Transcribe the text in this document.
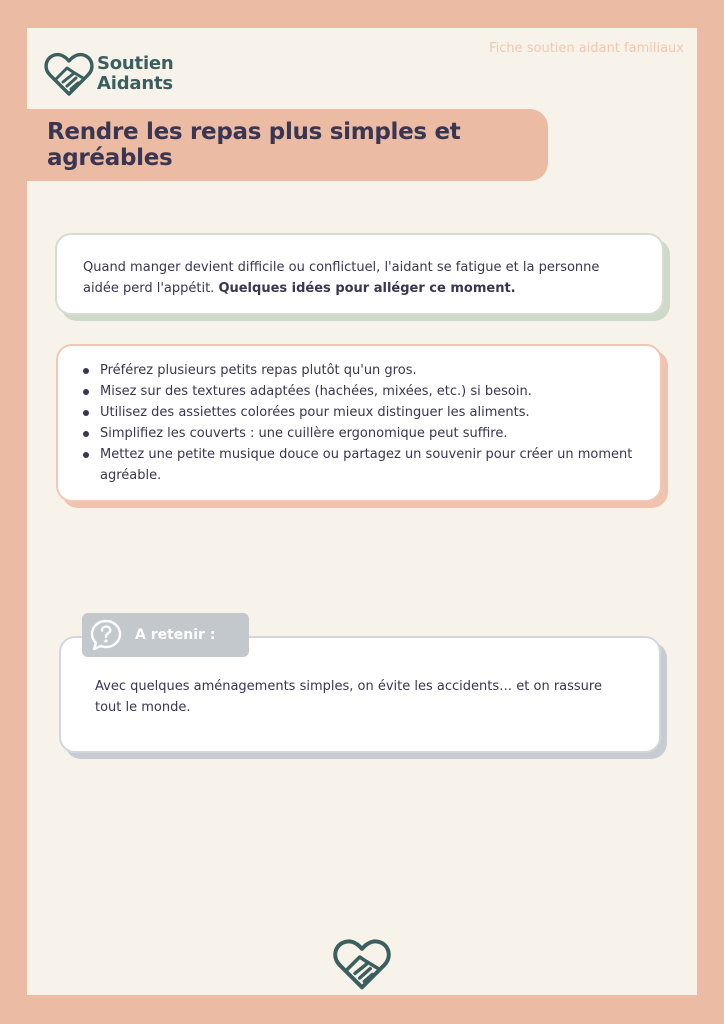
Soutien
Aidants
Fiche soutien aidant familiaux
Rendre les repas plus simples et agréables

Quand manger devient difficile ou conflictuel, l'aidant se fatigue et la personne aidée perd l'appétit. Quelques idées pour alléger ce moment.

Préférez plusieurs petits repas plutôt qu'un gros.
Misez sur des textures adaptées (hachées, mixées, etc.) si besoin.
Utilisez des assiettes colorées pour mieux distinguer les aliments.
Simplifiez les couverts : une cuillère ergonomique peut suffire.
Mettez une petite musique douce ou partagez un souvenir pour créer un moment agréable.

Avec quelques aménagements simples, on évite les accidents… et on rassure tout le monde.

A retenir :
